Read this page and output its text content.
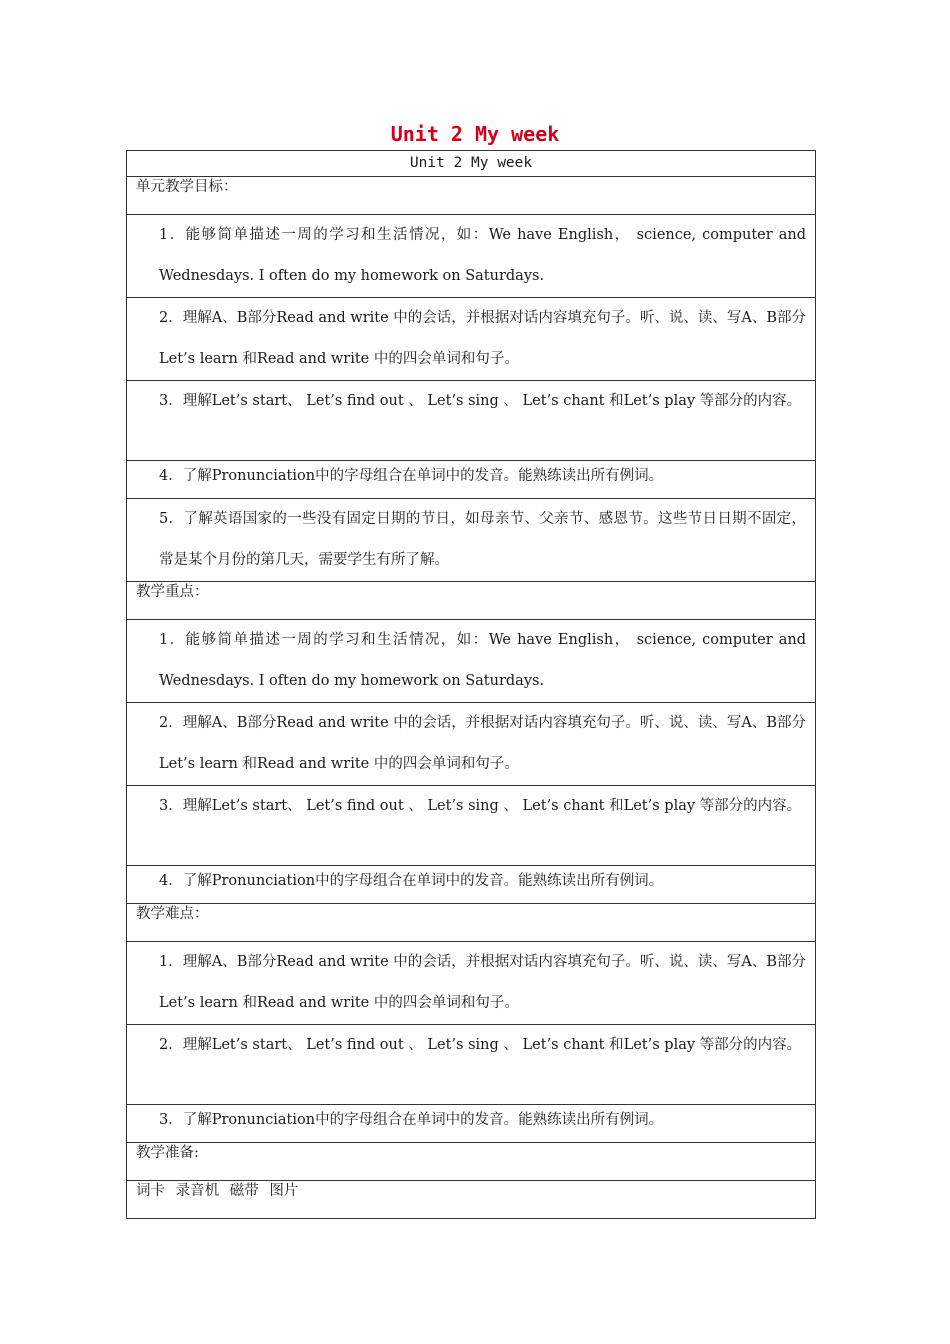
Unit 2 My week
Unit 2 My week
单元教学目标：

1．能够简单描述一周的学习和生活情况，如：We have English， science, computer and Wednesdays. I often do my homework on Saturdays.

2．理解A、B部分Read and write 中的会话，并根据对话内容填充句子。听、说、读、写A、B部分Let’s learn 和Read and write 中的四会单词和句子。

3．理解Let’s start、 Let’s find out 、 Let’s sing 、 Let’s chant 和Let’s play 等部分的内容。

4．了解Pronunciation中的字母组合在单词中的发音。能熟练读出所有例词。

5．了解英语国家的一些没有固定日期的节日，如母亲节、父亲节、感恩节。这些节日日期不固定，常是某个月份的第几天，需要学生有所了解。

教学重点：

1．能够简单描述一周的学习和生活情况，如：We have English， science, computer and Wednesdays. I often do my homework on Saturdays.

2．理解A、B部分Read and write 中的会话，并根据对话内容填充句子。听、说、读、写A、B部分Let’s learn 和Read and write 中的四会单词和句子。

3．理解Let’s start、 Let’s find out 、 Let’s sing 、 Let’s chant 和Let’s play 等部分的内容。

4．了解Pronunciation中的字母组合在单词中的发音。能熟练读出所有例词。

教学难点：

1．理解A、B部分Read and write 中的会话，并根据对话内容填充句子。听、说、读、写A、B部分Let’s learn 和Read and write 中的四会单词和句子。

2．理解Let’s start、 Let’s find out 、 Let’s sing 、 Let’s chant 和Let’s play 等部分的内容。

3．了解Pronunciation中的字母组合在单词中的发音。能熟练读出所有例词。

教学准备:
词卡 录音机 磁带 图片
